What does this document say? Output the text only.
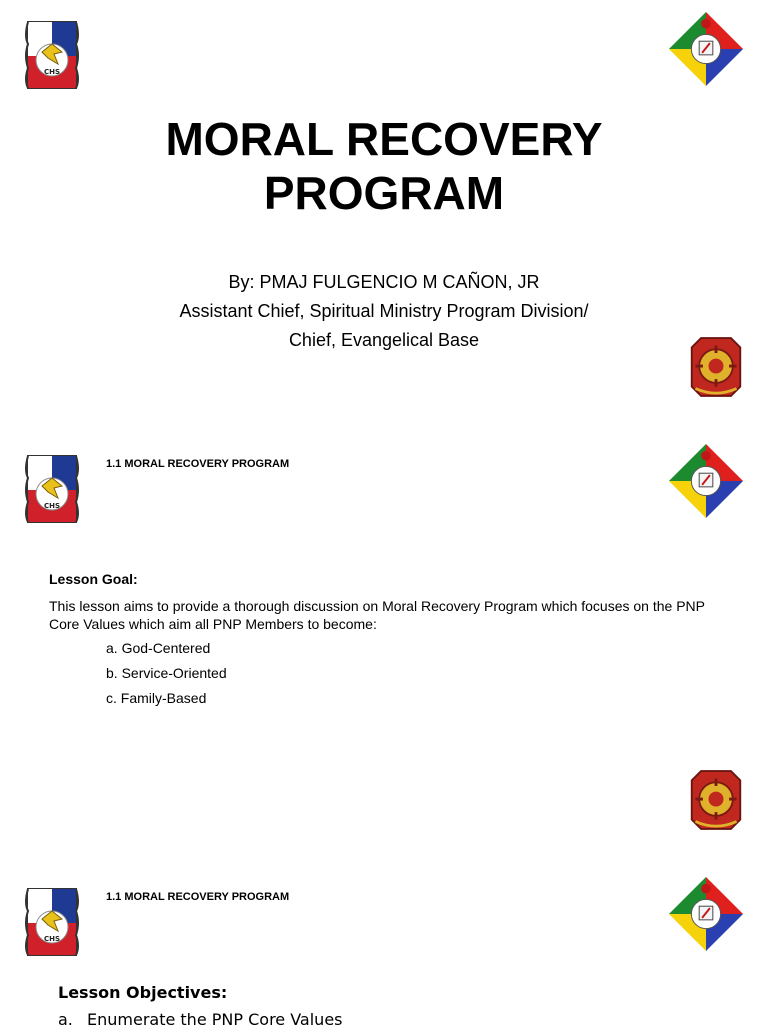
MORAL RECOVERY
PROGRAM
By: PMAJ FULGENCIO M CAÑON, JR
Assistant Chief, Spiritual Ministry Program Division/
Chief, Evangelical Base
1.1 MORAL RECOVERY PROGRAM
Lesson Goal:
This lesson aims to provide a thorough discussion on Moral Recovery Program which focuses on the PNP Core Values which aim all PNP Members to become:
a. God-Centered
b. Service-Oriented
c. Family-Based
1.1 MORAL RECOVERY PROGRAM
Lesson Objectives:
a. Enumerate the PNP Core Values
